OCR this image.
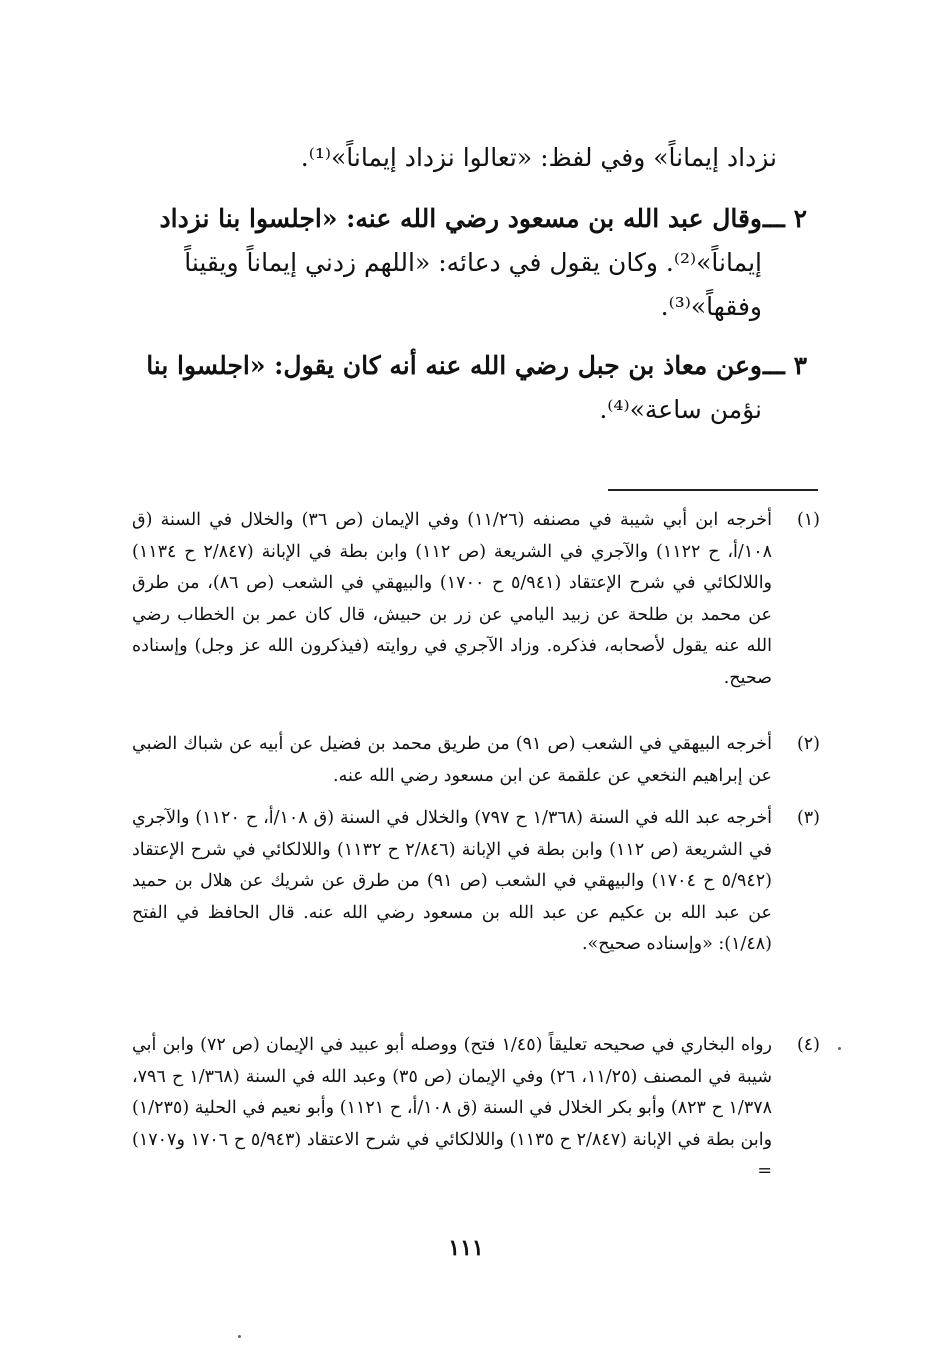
نزداد إيماناً» وفي لفظ: «تعالوا نزداد إيماناً»⁽¹⁾.
٢ ـــ
وقال عبد الله بن مسعود رضي الله عنه: «اجلسوا بنا نزداد
إيماناً»⁽²⁾. وكان يقول في دعائه: «اللهم زدني إيماناً ويقيناً
وفقهاً»⁽³⁾.
٣ ـــ
وعن معاذ بن جبل رضي الله عنه أنه كان يقول: «اجلسوا بنا
نؤمن ساعة»⁽⁴⁾.
(١)
أخرجه ابن أبي شيبة في مصنفه (١١/٢٦) وفي الإيمان (ص ٣٦) والخلال في السنة (ق ١٠٨/أ، ح ١١٢٢) والآجري في الشريعة (ص ١١٢) وابن بطة في الإبانة (٢/٨٤٧ ح ١١٣٤) واللالكائي في شرح الإعتقاد (٥/٩٤١ ح ١٧٠٠) والبيهقي في الشعب (ص ٨٦)، من طرق عن محمد بن طلحة عن زبيد اليامي عن زر بن حبيش، قال كان عمر بن الخطاب رضي الله عنه يقول لأصحابه، فذكره. وزاد الآجري في روايته (فيذكرون الله عز وجل) وإسناده صحيح.
(٢)
أخرجه البيهقي في الشعب (ص ٩١) من طريق محمد بن فضيل عن أبيه عن شباك الضبي عن إبراهيم النخعي عن علقمة عن ابن مسعود رضي الله عنه.
(٣)
أخرجه عبد الله في السنة (١/٣٦٨ ح ٧٩٧) والخلال في السنة (ق ١٠٨/أ، ح ١١٢٠) والآجري في الشريعة (ص ١١٢) وابن بطة في الإبانة (٢/٨٤٦ ح ١١٣٢) واللالكائي في شرح الإعتقاد (٥/٩٤٢ ح ١٧٠٤) والبيهقي في الشعب (ص ٩١) من طرق عن شريك عن هلال بن حميد عن عبد الله بن عكيم عن عبد الله بن مسعود رضي الله عنه. قال الحافظ في الفتح (١/٤٨): «وإسناده صحيح».
(٤)
رواه البخاري في صحيحه تعليقاً (١/٤٥ فتح) ووصله أبو عبيد في الإيمان (ص ٧٢) وابن أبي شيبة في المصنف (١١/٢٥، ٢٦) وفي الإيمان (ص ٣٥) وعبد الله في السنة (١/٣٦٨ ح ٧٩٦، ١/٣٧٨ ح ٨٢٣) وأبو بكر الخلال في السنة (ق ١٠٨/أ، ح ١١٢١) وأبو نعيم في الحلية (١/٢٣٥) وابن بطة في الإبانة (٢/٨٤٧ ح ١١٣٥) واللالكائي في شرح الاعتقاد (٥/٩٤٣ ح ١٧٠٦ و١٧٠٧) =
١١١
